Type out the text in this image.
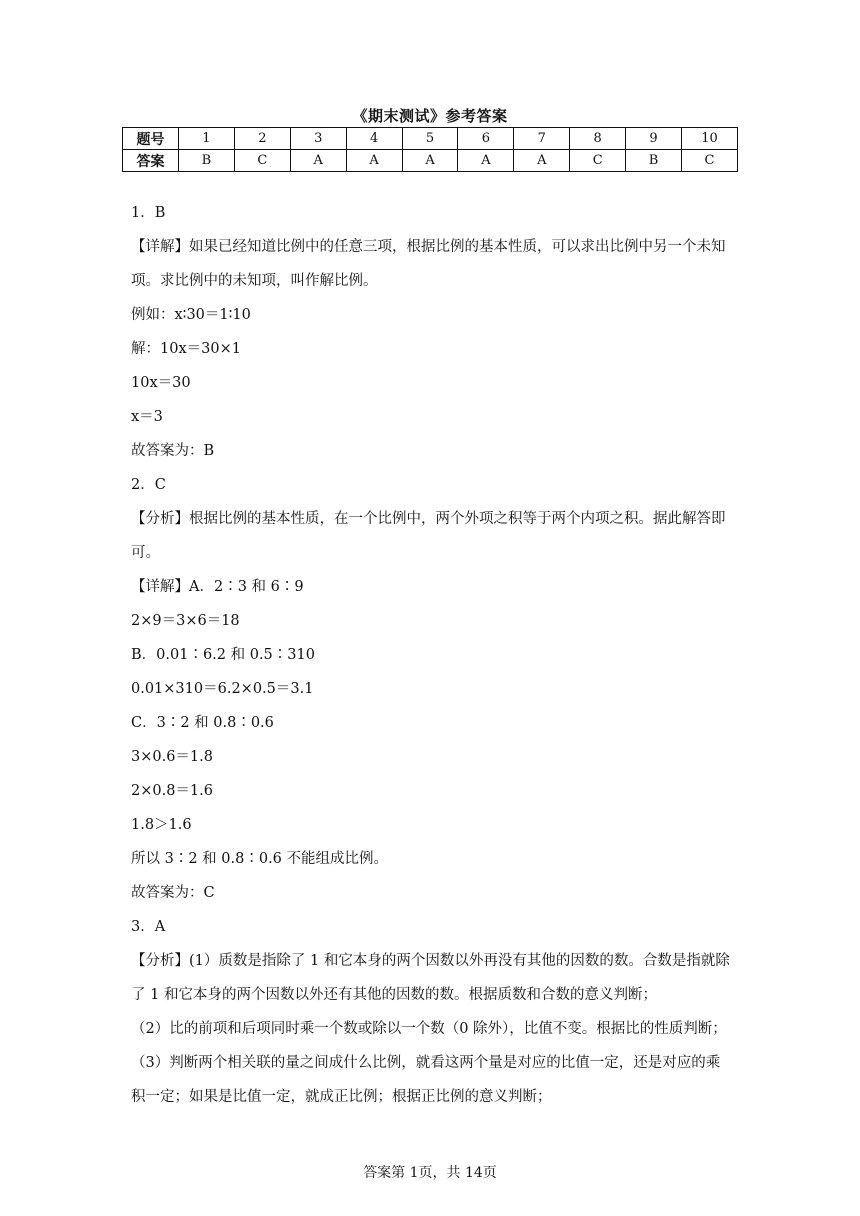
《期末测试》参考答案
题号	1	2	3	4	5	6	7	8	9	10
答案	B	C	A	A	A	A	A	C	B	C

1．B

【详解】如果已经知道比例中的任意三项，根据比例的基本性质，可以求出比例中另一个未知项。求比例中的未知项，叫作解比例。

例如：x∶30＝1∶10

解：10x＝30×1

10x＝30

x＝3

故答案为：B

2．C

【分析】根据比例的基本性质，在一个比例中，两个外项之积等于两个内项之积。据此解答即可。

【详解】A．2∶3 和 6∶9

2×9＝3×6＝18

B．0.01∶6.2 和 0.5∶310

0.01×310＝6.2×0.5＝3.1

C．3∶2 和 0.8∶0.6

3×0.6＝1.8

2×0.8＝1.6

1.8＞1.6

所以 3∶2 和 0.8∶0.6 不能组成比例。

故答案为：C

3．A

【分析】(1）质数是指除了 1 和它本身的两个因数以外再没有其他的因数的数。合数是指就除了 1 和它本身的两个因数以外还有其他的因数的数。根据质数和合数的意义判断；

（2）比的前项和后项同时乘一个数或除以一个数（0 除外），比值不变。根据比的性质判断；

（3）判断两个相关联的量之间成什么比例，就看这两个量是对应的比值一定，还是对应的乘积一定；如果是比值一定，就成正比例；根据正比例的意义判断；

答案第 1页，共 14页
